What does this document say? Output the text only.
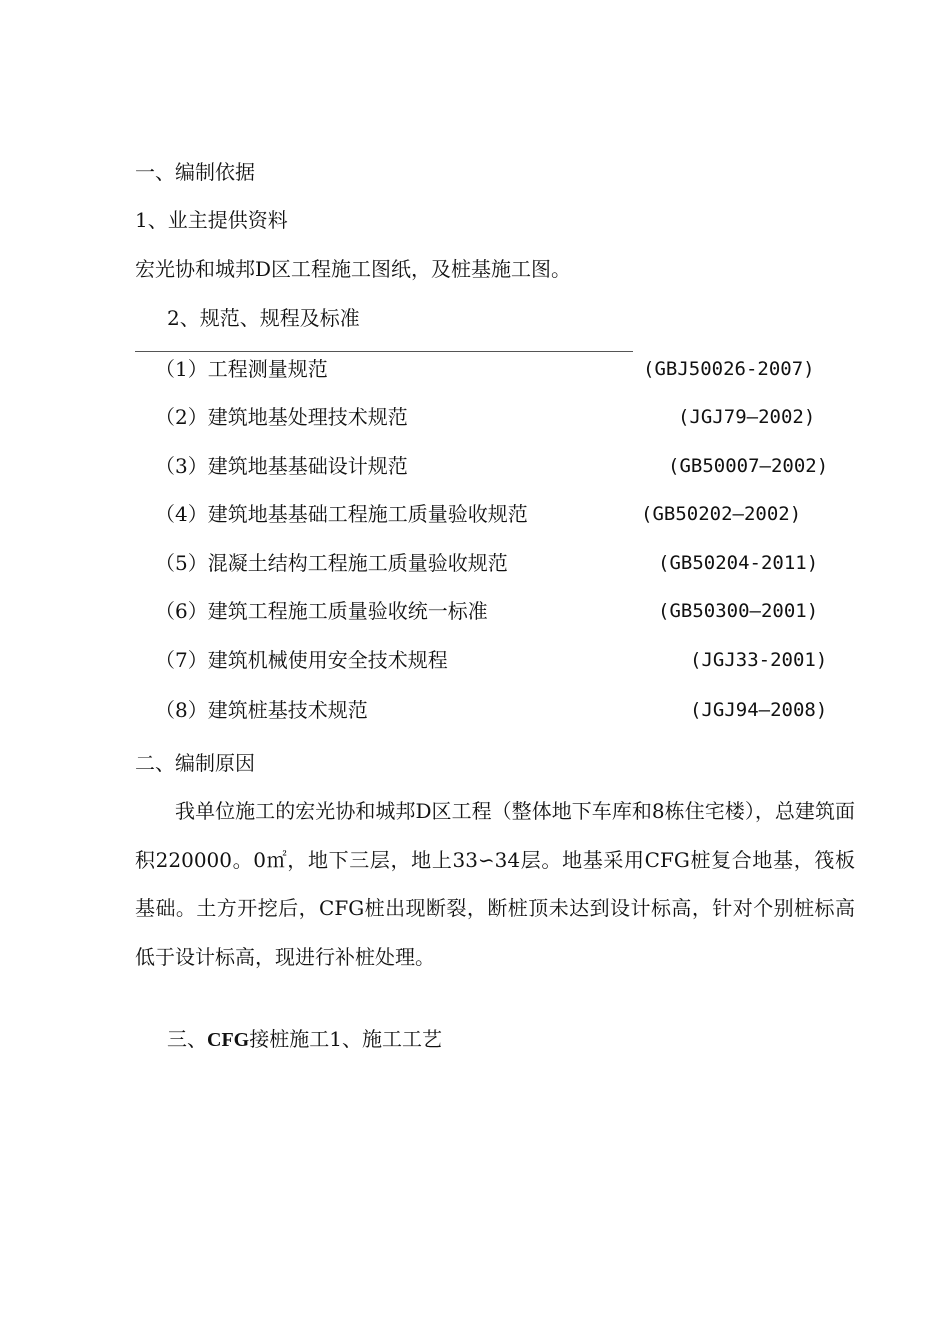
一、编制依据
1、业主提供资料
宏光协和城邦D区工程施工图纸，及桩基施工图。
2、规范、规程及标准
（1）工程测量规范	(GBJ50026-2007)
（2）建筑地基处理技术规范	(JGJ79—2002)
（3）建筑地基基础设计规范	(GB50007—2002)
（4）建筑地基基础工程施工质量验收规范	(GB50202—2002)
（5）混凝土结构工程施工质量验收规范	(GB50204-2011)
（6）建筑工程施工质量验收统一标准	(GB50300—2001)
（7）建筑机械使用安全技术规程	(JGJ33-2001)
（8）建筑桩基技术规范	(JGJ94—2008)
二、编制原因
我单位施工的宏光协和城邦D区工程（整体地下车库和8栋住宅楼），总建筑面积220000。0㎡，地下三层，地上33∽34层。地基采用CFG桩复合地基，筏板基础。土方开挖后，CFG桩出现断裂，断桩顶未达到设计标高，针对个别桩标高低于设计标高，现进行补桩处理。
三、CFG接桩施工1、施工工艺
